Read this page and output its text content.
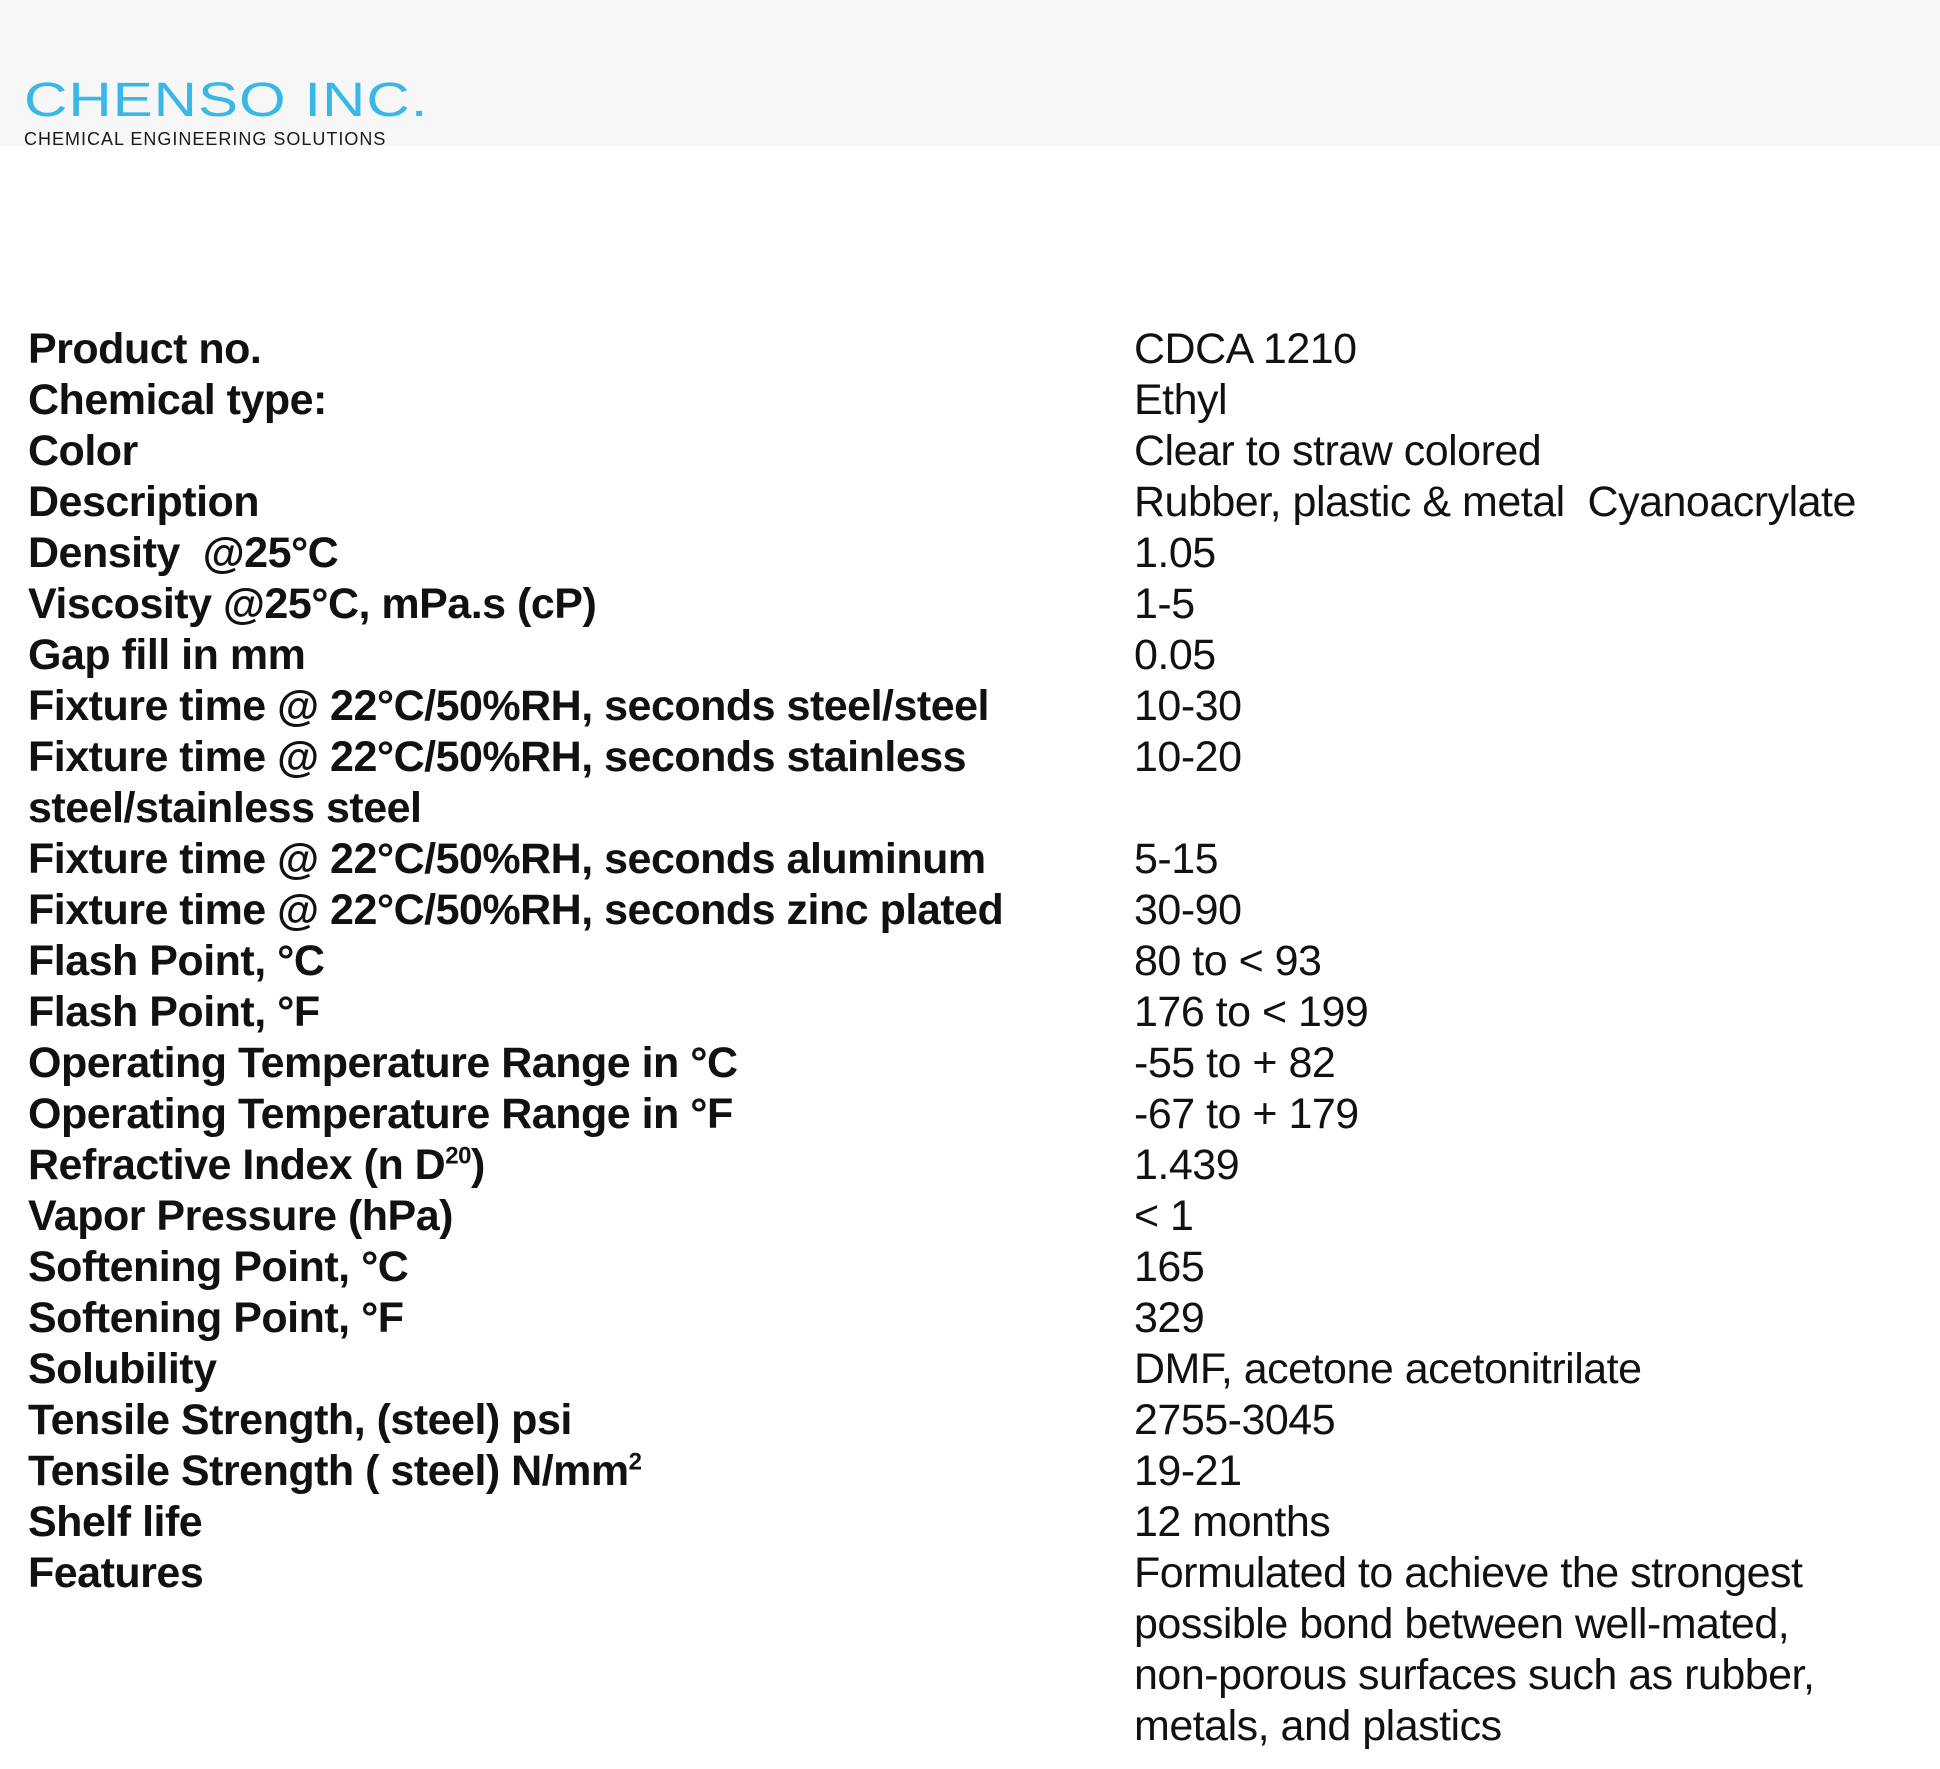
CHENSO INC.
CHEMICAL ENGINEERING SOLUTIONS
Product no.	CDCA 1210
Chemical type:	Ethyl
Color	Clear to straw colored
Description	Rubber, plastic & metal  Cyanoacrylate
Density  @25°C	1.05
Viscosity @25°C, mPa.s (cP)	1-5
Gap fill in mm	0.05
Fixture time @ 22°C/50%RH, seconds steel/steel	10-30
Fixture time @ 22°C/50%RH, seconds stainless
steel/stainless steel
10-20
Fixture time @ 22°C/50%RH, seconds aluminum	5-15
Fixture time @ 22°C/50%RH, seconds zinc plated	30-90
Flash Point, °C	80 to < 93
Flash Point, °F	176 to < 199
Operating Temperature Range in °C	-55 to + 82
Operating Temperature Range in °F	-67 to + 179
Refractive Index (n $D^{20}$)	1.439
Vapor Pressure (hPa)	< 1
Softening Point, °C	165
Softening Point, °F	329
Solubility	DMF, acetone acetonitrilate
Tensile Strength, (steel) psi	2755-3045
Tensile Strength ( steel) $N/mm^2$	19-21
Shelf life	12 months
Features	Formulated to achieve the strongest
possible bond between well-mated,
non-porous surfaces such as rubber,
metals, and plastics
